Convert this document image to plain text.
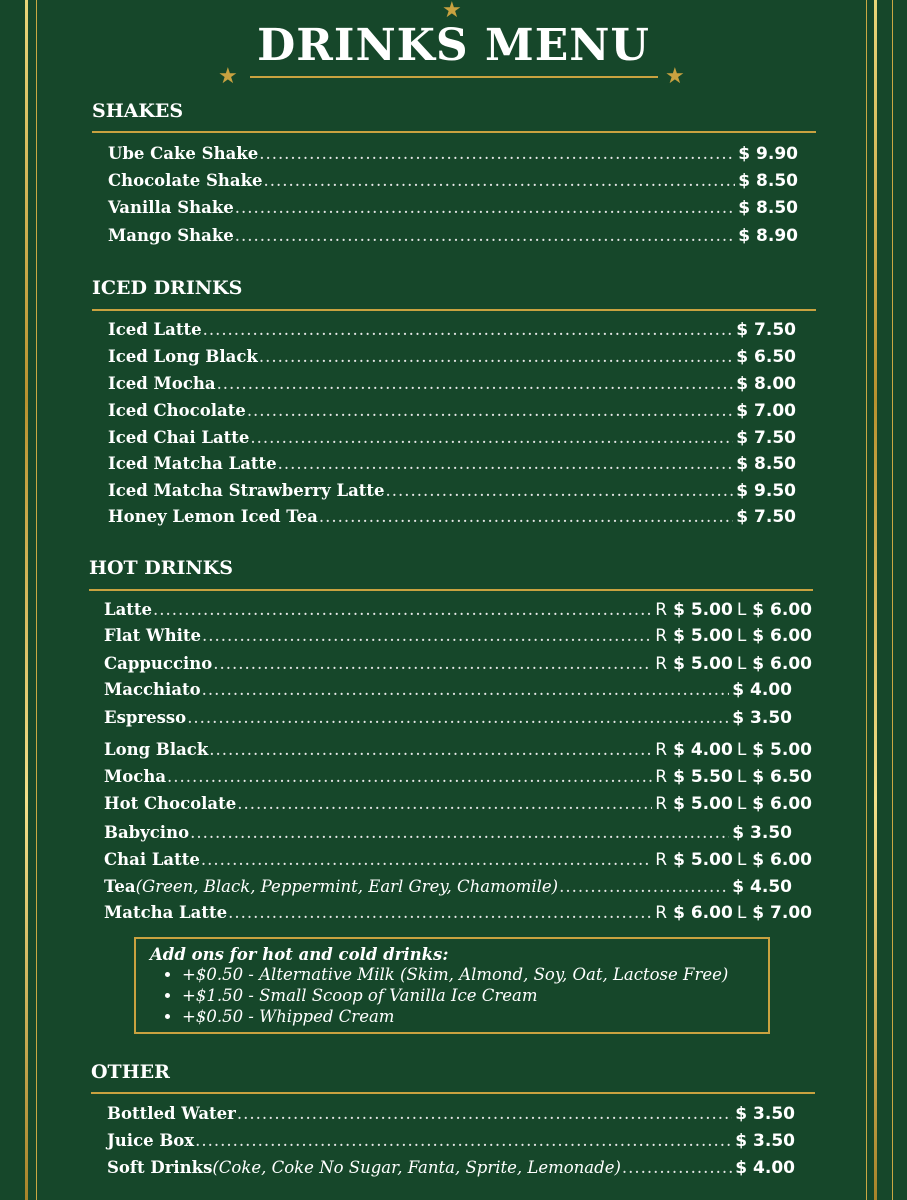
★
DRINKS MENU
★	★
SHAKES
Ube Cake Shake .....	$ 9.90
Chocolate Shake .....	$ 8.50
Vanilla Shake .....	$ 8.50
Mango Shake .....	$ 8.90
ICED DRINKS
Iced Latte .....	$ 7.50
Iced Long Black .....	$ 6.50
Iced Mocha .....	$ 8.00
Iced Chocolate .....	$ 7.00
Iced Chai Latte .....	$ 7.50
Iced Matcha Latte .....	$ 8.50
Iced Matcha Strawberry Latte .....	$ 9.50
Honey Lemon Iced Tea .....	$ 7.50
HOT DRINKS
Latte .....	R $ 5.00 L $ 6.00
Flat White .....	R $ 5.00 L $ 6.00
Cappuccino .....	R $ 5.00 L $ 6.00
Macchiato .....	$ 4.00
Espresso .....	$ 3.50
Long Black .....	R $ 4.00 L $ 5.00
Mocha .....	R $ 5.50 L $ 6.50
Hot Chocolate .....	R $ 5.00 L $ 6.00
Babycino .....	$ 3.50
Chai Latte .....	R $ 5.00 L $ 6.00
Tea (Green, Black, Peppermint, Earl Grey, Chamomile) .....	$ 4.50
Matcha Latte .....	R $ 6.00 L $ 7.00
Add ons for hot and cold drinks:
• +$0.50 - Alternative Milk (Skim, Almond, Soy, Oat, Lactose Free)
• +$1.50 - Small Scoop of Vanilla Ice Cream
• +$0.50 - Whipped Cream
OTHER
Bottled Water .....	$ 3.50
Juice Box .....	$ 3.50
Soft Drinks (Coke, Coke No Sugar, Fanta, Sprite, Lemonade) .....	$ 4.00
